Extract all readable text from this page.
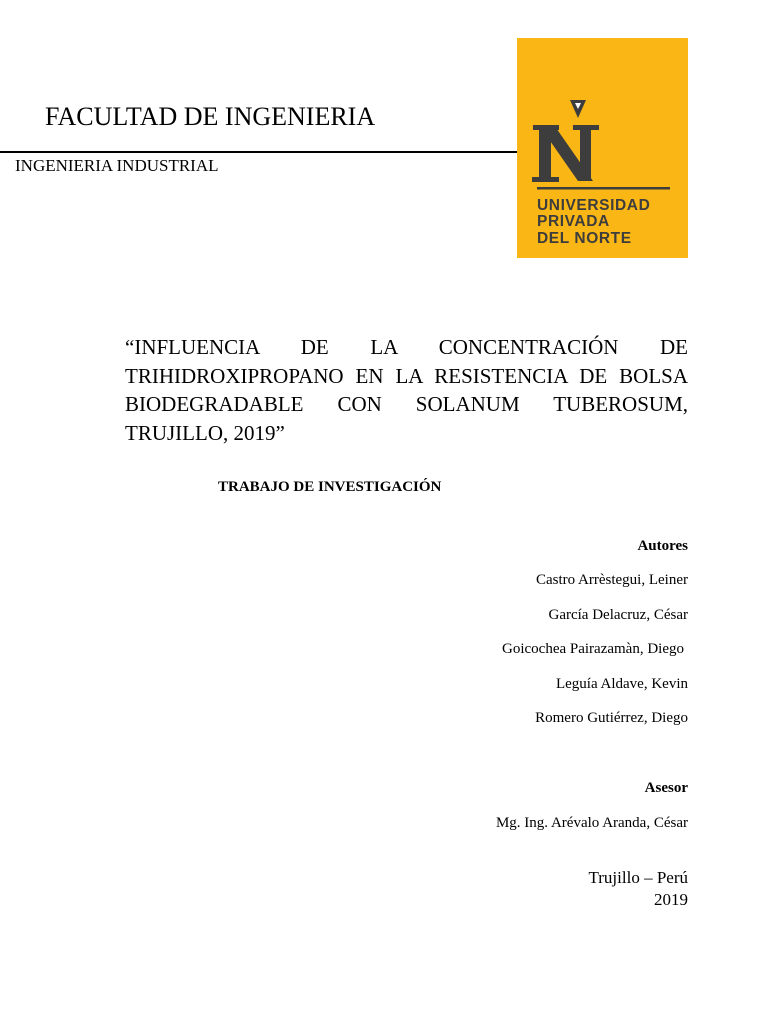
FACULTAD DE INGENIERIA
INGENIERIA INDUSTRIAL
UNIVERSIDAD
PRIVADA
DEL NORTE
“INFLUENCIA DE LA CONCENTRACIÓN DE TRIHIDROXIPROPANO EN LA RESISTENCIA DE BOLSA BIODEGRADABLE CON SOLANUM TUBEROSUM, TRUJILLO, 2019”
TRABAJO DE INVESTIGACIÓN
Autores
Castro Arrèstegui, Leiner
García Delacruz, César
Goicochea Pairazamàn, Diego
Leguía Aldave, Kevin
Romero Gutiérrez, Diego
Asesor
Mg. Ing. Arévalo Aranda, César
Trujillo – Perú
2019
